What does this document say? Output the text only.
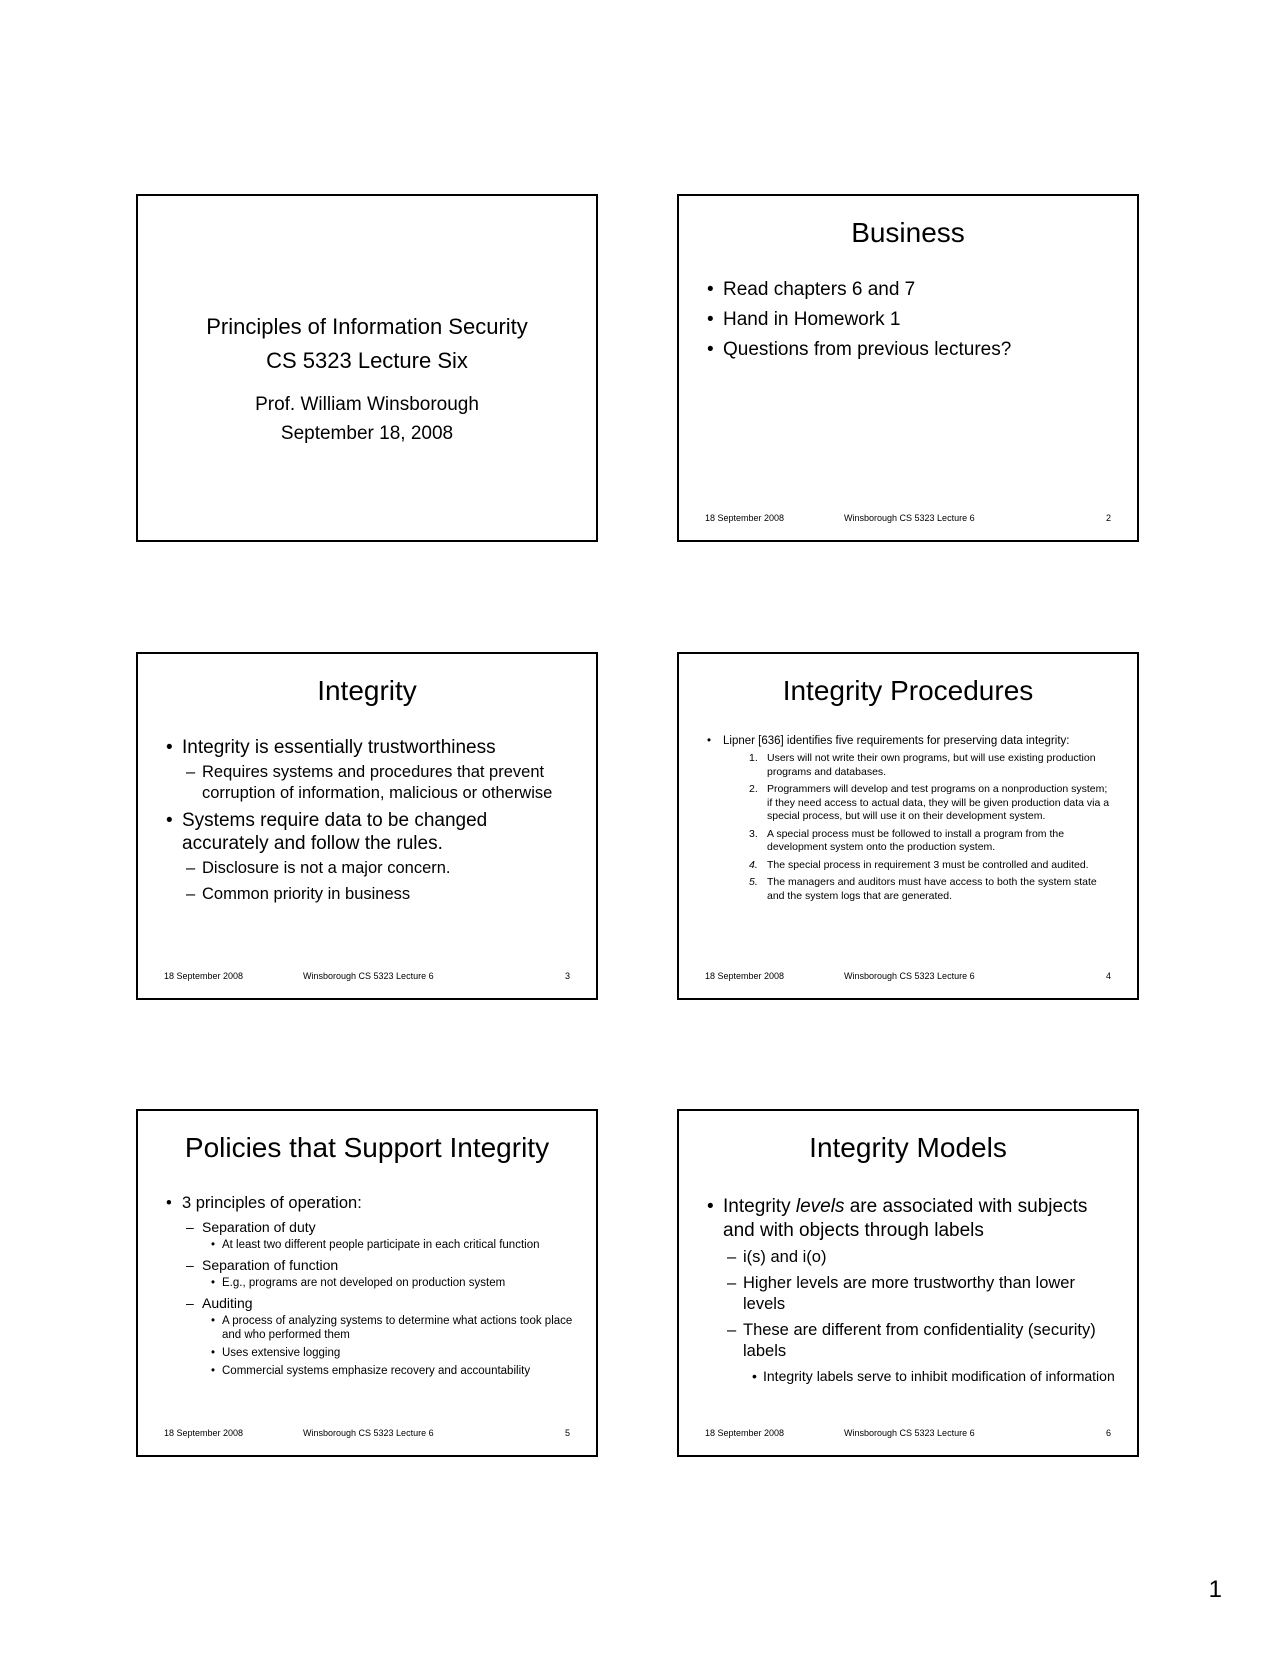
Principles of Information Security
CS 5323 Lecture Six
Prof. William Winsborough
September 18, 2008
Business
• Read chapters 6 and 7
• Hand in Homework 1
• Questions from previous lectures?
18 September 2008	Winsborough CS 5323 Lecture 6	2
Integrity
• Integrity is essentially trustworthiness
– Requires systems and procedures that prevent corruption of information, malicious or otherwise
• Systems require data to be changed accurately and follow the rules.
– Disclosure is not a major concern.
– Common priority in business
18 September 2008	Winsborough CS 5323 Lecture 6	3
Integrity Procedures
• Lipner [636] identifies five requirements for preserving data integrity:
1. Users will not write their own programs, but will use existing production programs and databases.
2. Programmers will develop and test programs on a nonproduction system; if they need access to actual data, they will be given production data via a special process, but will use it on their development system.
3. A special process must be followed to install a program from the development system onto the production system.
4. The special process in requirement 3 must be controlled and audited.
5. The managers and auditors must have access to both the system state and the system logs that are generated.
18 September 2008	Winsborough CS 5323 Lecture 6	4
Policies that Support Integrity
• 3 principles of operation:
– Separation of duty
• At least two different people participate in each critical function
– Separation of function
• E.g., programs are not developed on production system
– Auditing
• A process of analyzing systems to determine what actions took place and who performed them
• Uses extensive logging
• Commercial systems emphasize recovery and accountability
18 September 2008	Winsborough CS 5323 Lecture 6	5
Integrity Models
• Integrity levels are associated with subjects and with objects through labels
– i(s) and i(o)
– Higher levels are more trustworthy than lower levels
– These are different from confidentiality (security) labels
• Integrity labels serve to inhibit modification of information
18 September 2008	Winsborough CS 5323 Lecture 6	6
1
